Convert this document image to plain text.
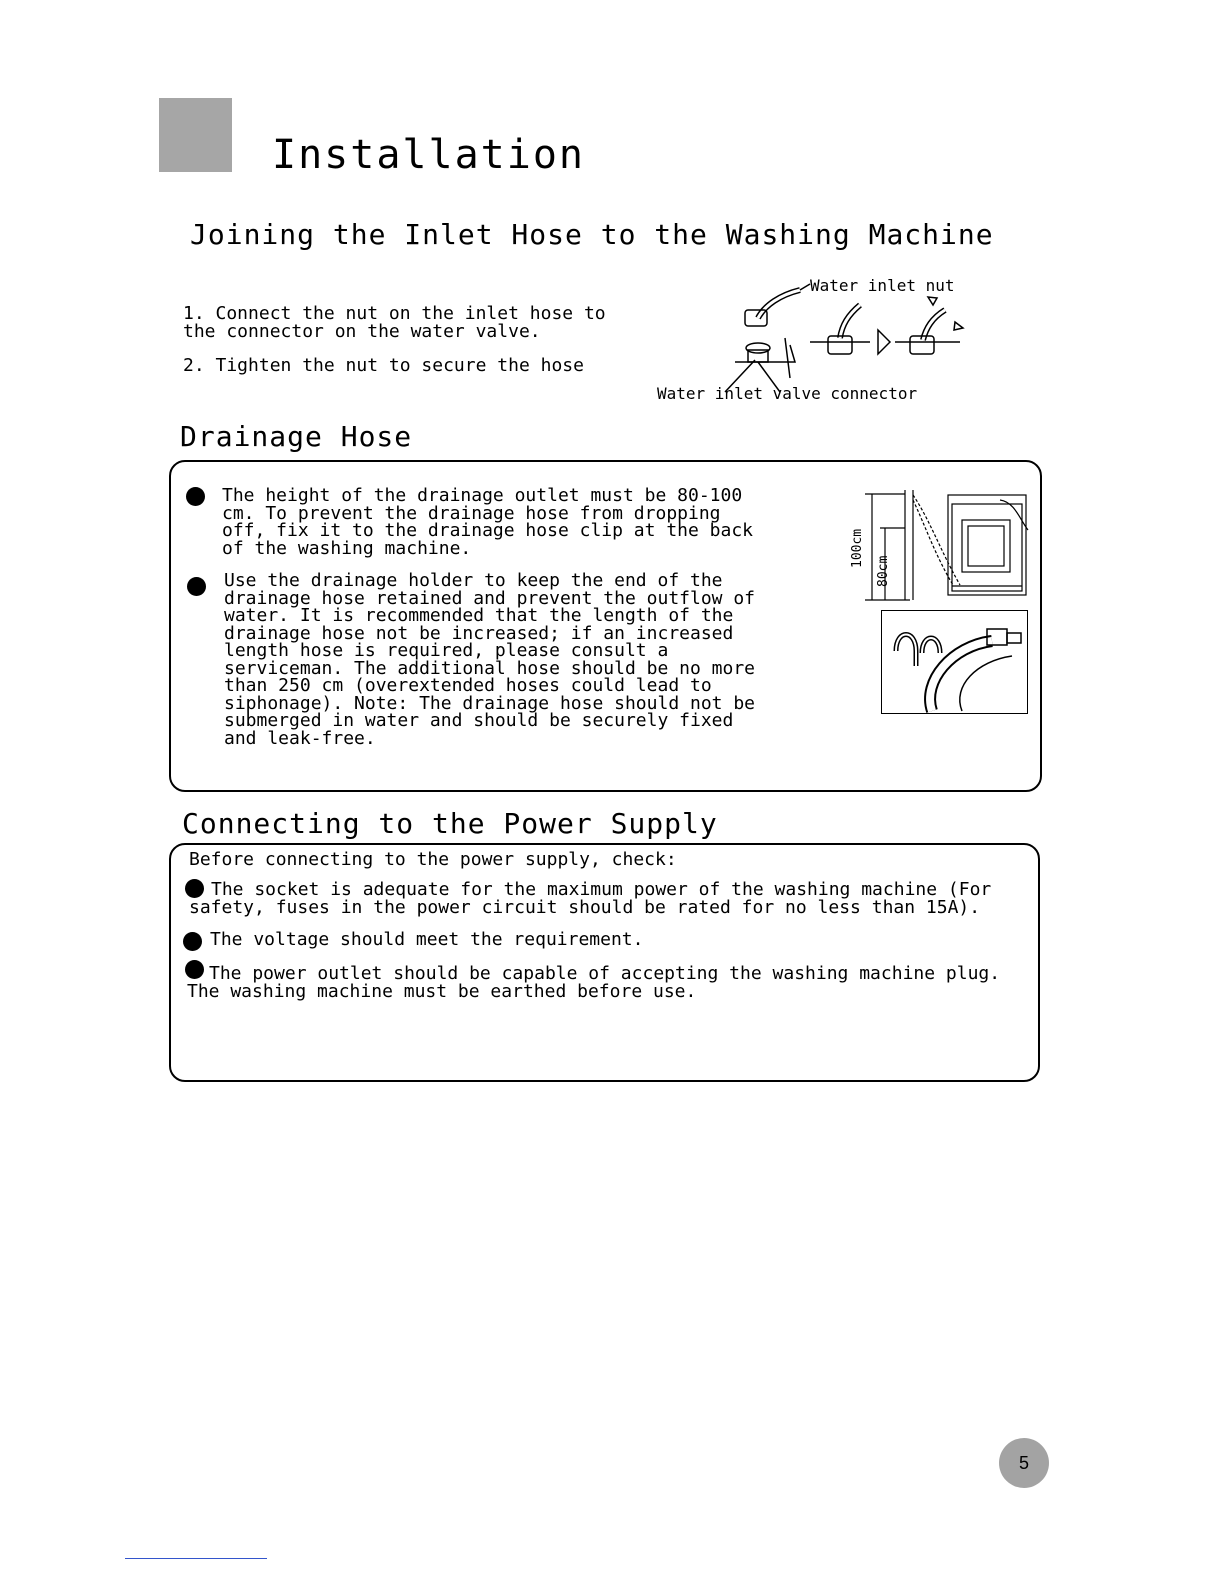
Installation
Joining the Inlet Hose to the Washing Machine
1. Connect the nut on the inlet hose to
the connector on the water valve.
2. Tighten the nut to secure the hose
Water inlet nut
Water inlet valve connector
Drainage Hose
The height of the drainage outlet must be 80-100
cm. To prevent the drainage hose from dropping
off, fix it to the drainage hose clip at the back
of the washing machine.
Use the drainage holder to keep the end of the
drainage hose retained and prevent the outflow of
water. It is recommended that the length of the
drainage hose not be increased; if an increased
length hose is required, please consult a
serviceman. The additional hose should be no more
than 250 cm (overextended hoses could lead to
siphonage). Note: The drainage hose should not be
submerged in water and should be securely fixed
and leak-free.
100cm
80cm
Connecting to the Power Supply
Before connecting to the power supply, check:
The socket is adequate for the maximum power of the washing machine (For
safety, fuses in the power circuit should be rated for no less than 15A).
The voltage should meet the requirement.
The power outlet should be capable of accepting the washing machine plug.
The washing machine must be earthed before use.
5
